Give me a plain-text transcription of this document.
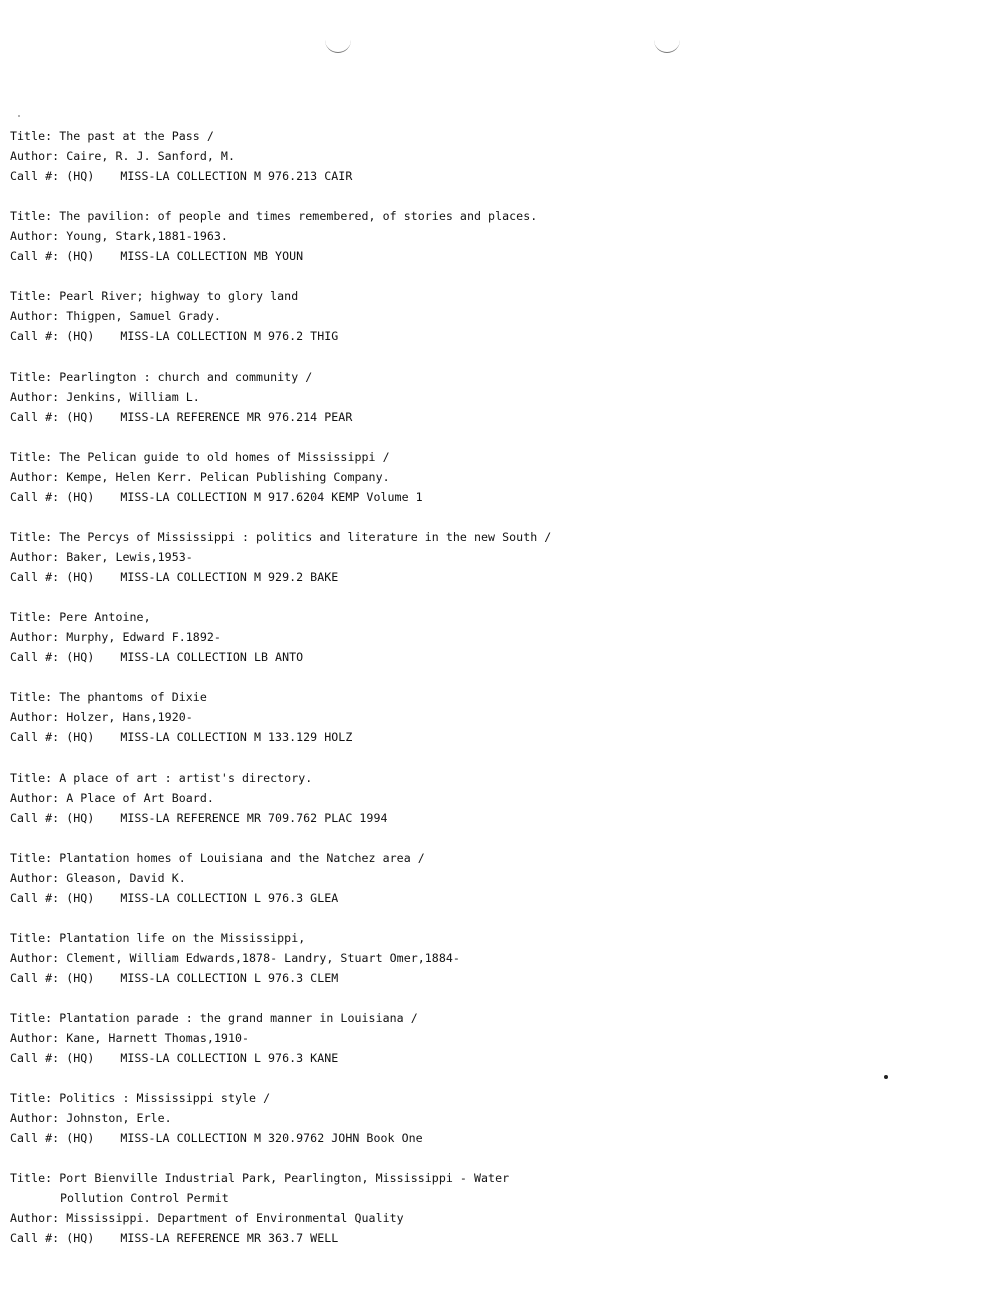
Title: The past at the Pass /
Author: Caire, R. J. Sanford, M.
Call #: (HQ) MISS-LA COLLECTION M 976.213 CAIR
Title: The pavilion: of people and times remembered, of stories and places.
Author: Young, Stark,1881-1963.
Call #: (HQ) MISS-LA COLLECTION MB YOUN
Title: Pearl River; highway to glory land
Author: Thigpen, Samuel Grady.
Call #: (HQ) MISS-LA COLLECTION M 976.2 THIG
Title: Pearlington : church and community /
Author: Jenkins, William L.
Call #: (HQ) MISS-LA REFERENCE MR 976.214 PEAR
Title: The Pelican guide to old homes of Mississippi /
Author: Kempe, Helen Kerr. Pelican Publishing Company.
Call #: (HQ) MISS-LA COLLECTION M 917.6204 KEMP Volume 1
Title: The Percys of Mississippi : politics and literature in the new South /
Author: Baker, Lewis,1953-
Call #: (HQ) MISS-LA COLLECTION M 929.2 BAKE
Title: Pere Antoine,
Author: Murphy, Edward F.1892-
Call #: (HQ) MISS-LA COLLECTION LB ANTO
Title: The phantoms of Dixie
Author: Holzer, Hans,1920-
Call #: (HQ) MISS-LA COLLECTION M 133.129 HOLZ
Title: A place of art : artist's directory.
Author: A Place of Art Board.
Call #: (HQ) MISS-LA REFERENCE MR 709.762 PLAC 1994
Title: Plantation homes of Louisiana and the Natchez area /
Author: Gleason, David K.
Call #: (HQ) MISS-LA COLLECTION L 976.3 GLEA
Title: Plantation life on the Mississippi,
Author: Clement, William Edwards,1878- Landry, Stuart Omer,1884-
Call #: (HQ) MISS-LA COLLECTION L 976.3 CLEM
Title: Plantation parade : the grand manner in Louisiana /
Author: Kane, Harnett Thomas,1910-
Call #: (HQ) MISS-LA COLLECTION L 976.3 KANE
Title: Politics : Mississippi style /
Author: Johnston, Erle.
Call #: (HQ) MISS-LA COLLECTION M 320.9762 JOHN Book One
Title: Port Bienville Industrial Park, Pearlington, Mississippi - Water
Pollution Control Permit
Author: Mississippi. Department of Environmental Quality
Call #: (HQ) MISS-LA REFERENCE MR 363.7 WELL
